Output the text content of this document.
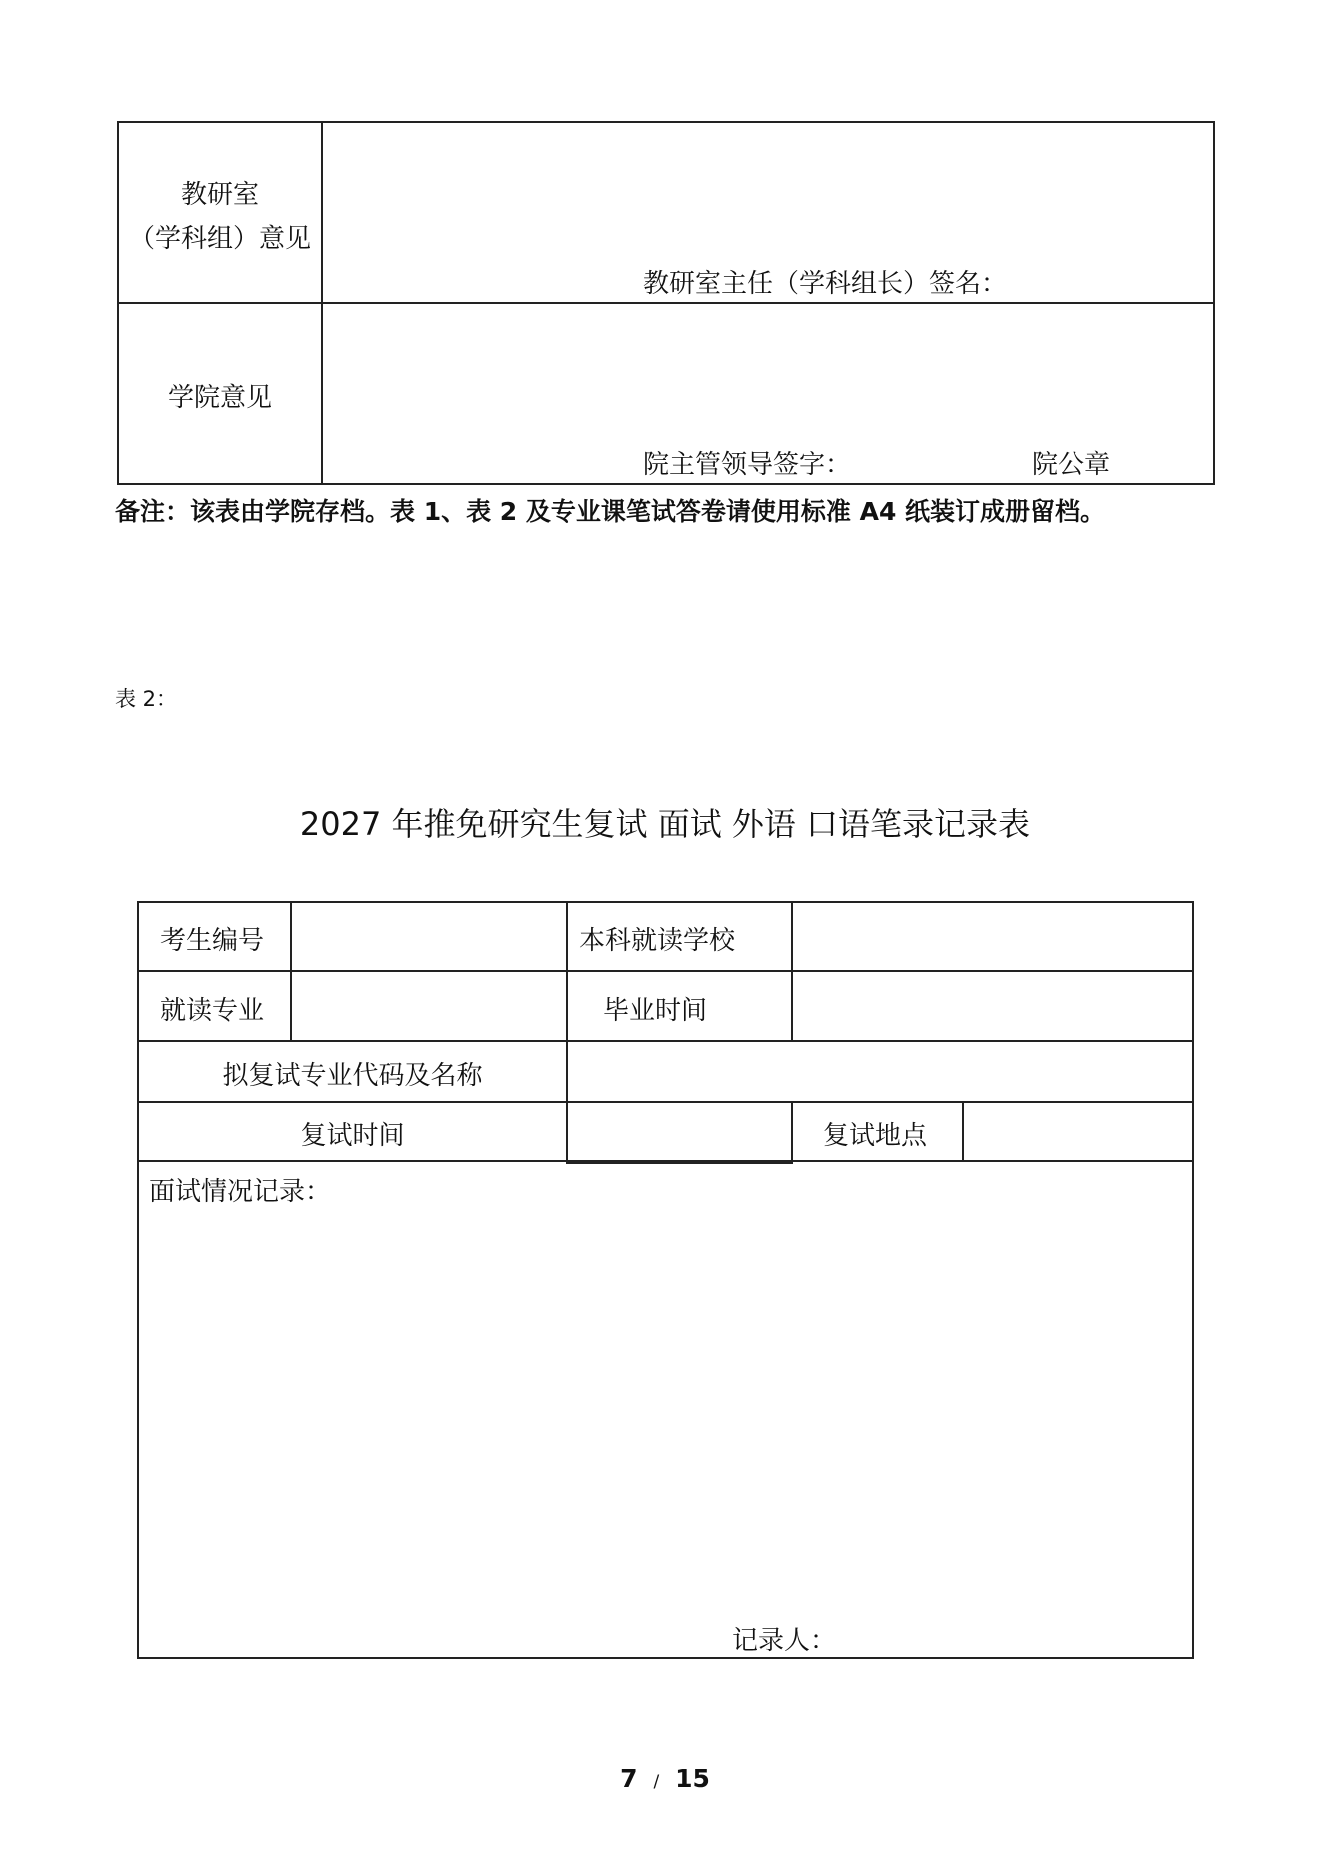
教研室
（学科组）意见
教研室主任（学科组长）签名：
学院意见
院主管领导签字：	院公章
备注：该表由学院存档。表 1、表 2 及专业课笔试答卷请使用标准 A4 纸装订成册留档。
表 2：
2027 年推免研究生复试 面试 外语 口语笔录记录表
考生编号	本科就读学校
就读专业	毕业时间
拟复试专业代码及名称
复试时间	复试地点
面试情况记录：
记录人：
7 / 15
